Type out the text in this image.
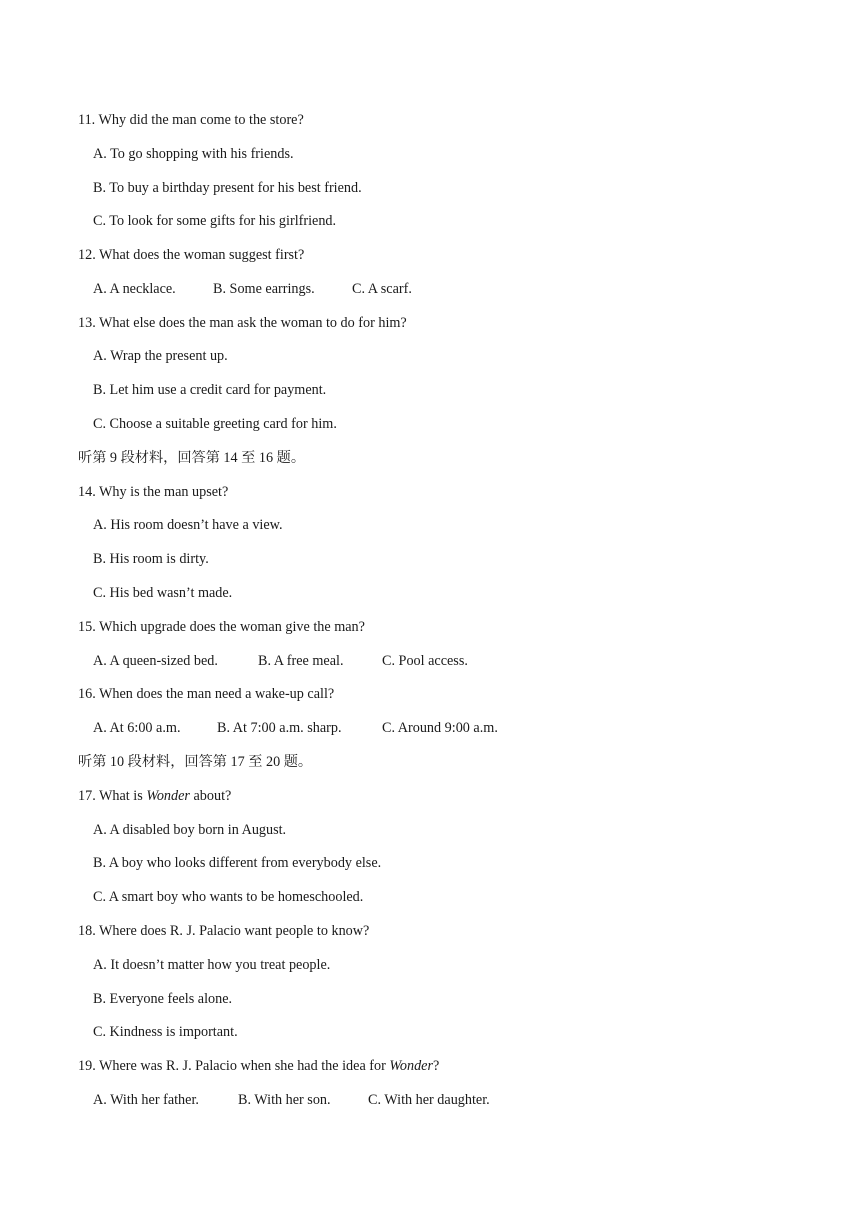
11. Why did the man come to the store?
A. To go shopping with his friends.
B. To buy a birthday present for his best friend.
C. To look for some gifts for his girlfriend.
12. What does the woman suggest first?
A. A necklace.	B. Some earrings.	C. A scarf.
13. What else does the man ask the woman to do for him?
A. Wrap the present up.
B. Let him use a credit card for payment.
C. Choose a suitable greeting card for him.
听第 9 段材料，回答第 14 至 16 题。
14. Why is the man upset?
A. His room doesn’t have a view.
B. His room is dirty.
C. His bed wasn’t made.
15. Which upgrade does the woman give the man?
A. A queen-sized bed.	B. A free meal.	C. Pool access.
16. When does the man need a wake-up call?
A. At 6:00 a.m.	B. At 7:00 a.m. sharp.	C. Around 9:00 a.m.
听第 10 段材料，回答第 17 至 20 题。
17. What is Wonder about?
A. A disabled boy born in August.
B. A boy who looks different from everybody else.
C. A smart boy who wants to be homeschooled.
18. Where does R. J. Palacio want people to know?
A. It doesn’t matter how you treat people.
B. Everyone feels alone.
C. Kindness is important.
19. Where was R. J. Palacio when she had the idea for Wonder?
A. With her father.	B. With her son.	C. With her daughter.
